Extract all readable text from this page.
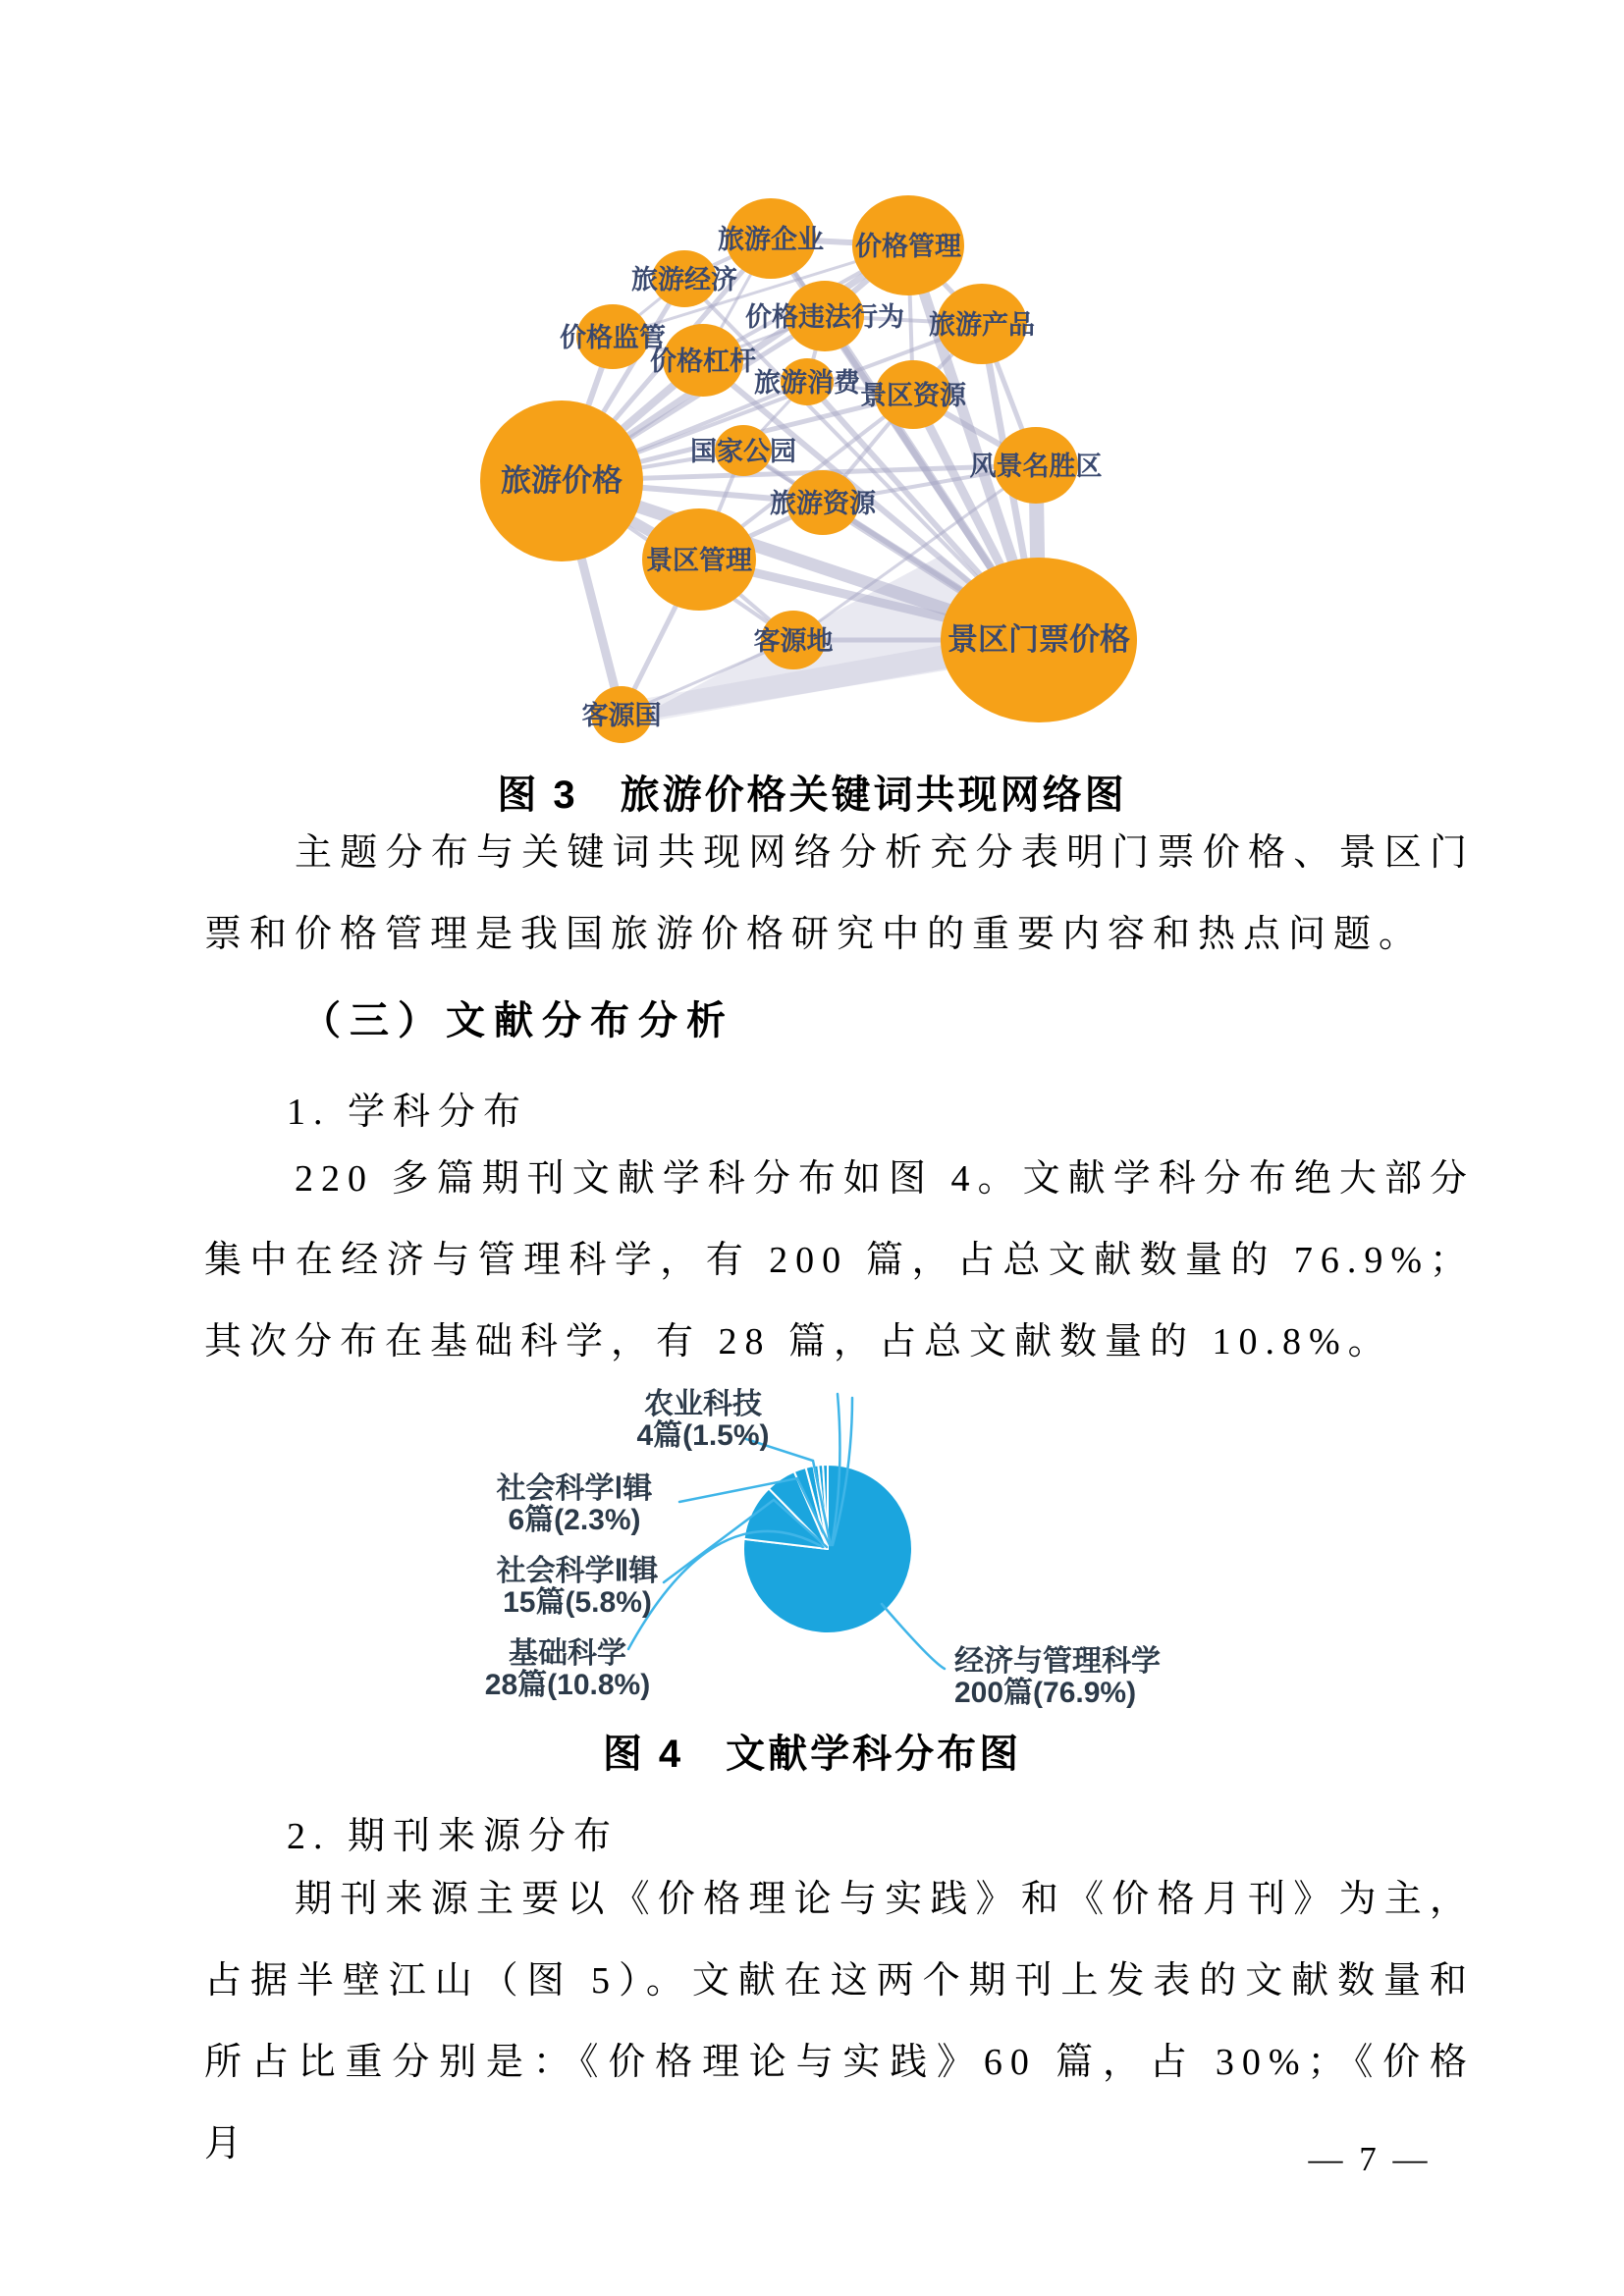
旅游企业 价格管理
旅游经济
价格监管
价格违法行为 旅游产品
价格杠杆
旅游消费 景区资源
旅游价格
国家公园
旅游资源
风景名胜区
景区管理
客源地
客源国
景区门票价格
图 3　旅游价格关键词共现网络图

主题分布与关键词共现网络分析充分表明门票价格、景区门票和价格管理是我国旅游价格研究中的重要内容和热点问题。

（三）文献分布分析

1. 学科分布

220 多篇期刊文献学科分布如图 4。文献学科分布绝大部分集中在经济与管理科学，有 200 篇，占总文献数量的 76.9%；其次分布在基础科学，有 28 篇，占总文献数量的 10.8%。

经济与管理科学
200篇(76.9%)
基础科学
28篇(10.8%)
社会科学Ⅱ辑
15篇(5.8%)
社会科学Ⅰ辑
6篇(2.3%)
农业科技
4篇(1.5%)
图 4　文献学科分布图

2. 期刊来源分布

期刊来源主要以《价格理论与实践》和《价格月刊》为主，占据半壁江山（图 5）。文献在这两个期刊上发表的文献数量和所占比重分别是：《价格理论与实践》60 篇，占 30%；《价格月	— 7 —
